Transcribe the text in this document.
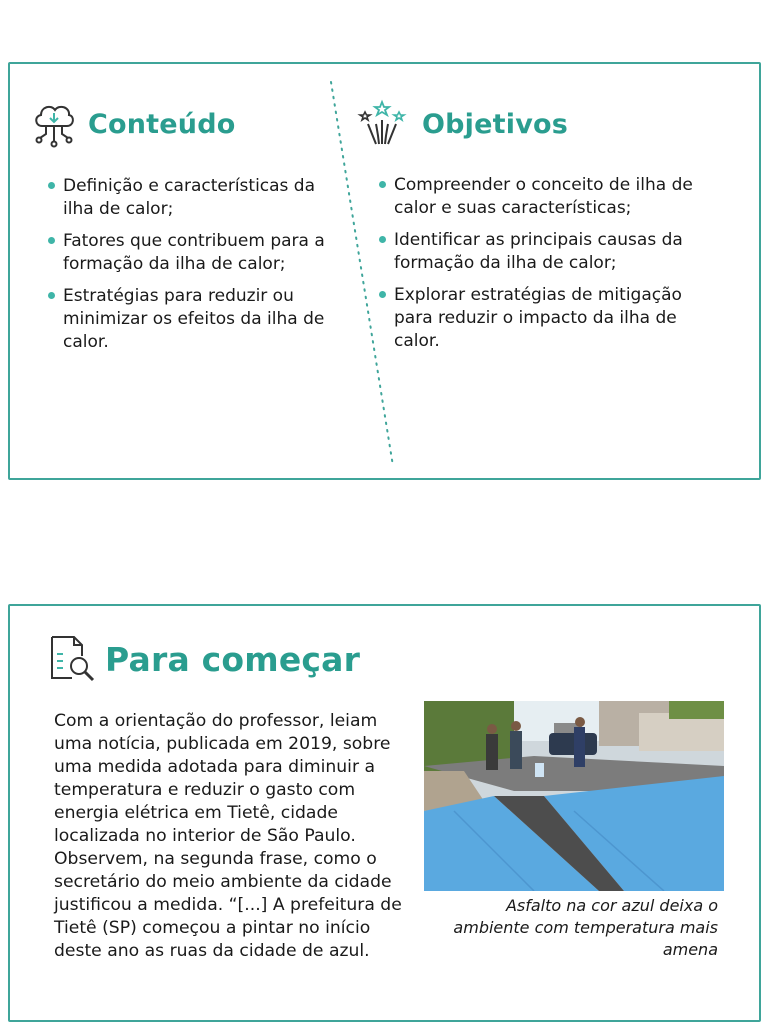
Conteúdo
Definição e características da ilha de calor;
Fatores que contribuem para a formação da ilha de calor;
Estratégias para reduzir ou minimizar os efeitos da ilha de calor.
Objetivos
Compreender o conceito de ilha de calor e suas características;
Identificar as principais causas da formação da ilha de calor;
Explorar estratégias de mitigação para reduzir o impacto da ilha de calor.
Para começar

Com a orientação do professor, leiam uma notícia, publicada em 2019, sobre uma medida adotada para diminuir a temperatura e reduzir o gasto com energia elétrica em Tietê, cidade localizada no interior de São Paulo. Observem, na segunda frase, como o secretário do meio ambiente da cidade justificou a medida. “[...] A prefeitura de Tietê (SP) começou a pintar no início deste ano as ruas da cidade de azul.

Asfalto na cor azul deixa o ambiente com temperatura mais amena
